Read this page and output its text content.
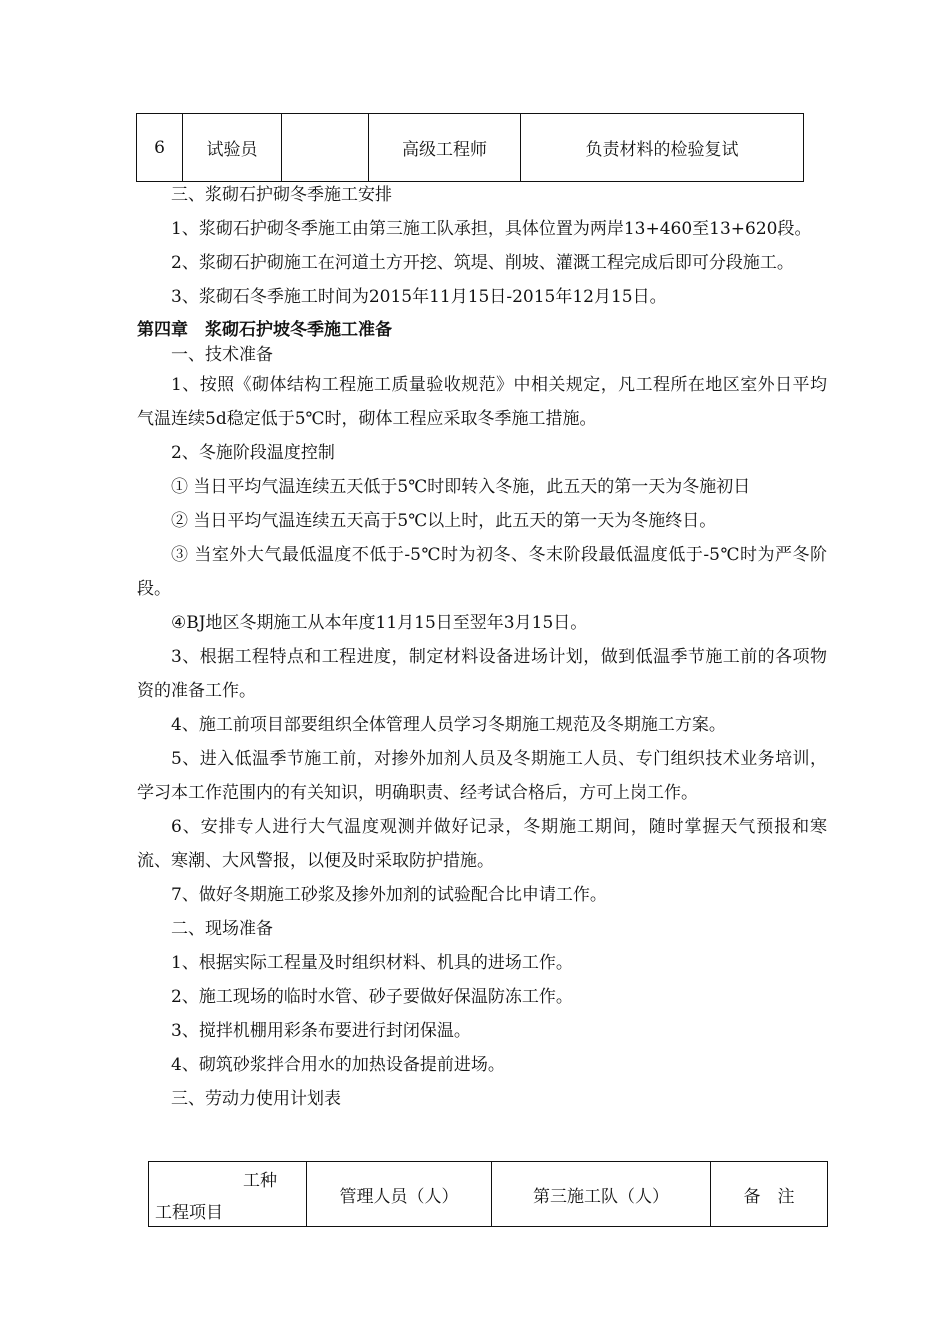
6	试验员		高级工程师	负责材料的检验复试

三、浆砌石护砌冬季施工安排

1、浆砌石护砌冬季施工由第三施工队承担，具体位置为两岸13+460至13+620段。

2、浆砌石护砌施工在河道土方开挖、筑堤、削坡、灌溉工程完成后即可分段施工。

3、浆砌石冬季施工时间为2015年11月15日-2015年12月15日。

第四章　浆砌石护坡冬季施工准备

一、技术准备

1、按照《砌体结构工程施工质量验收规范》中相关规定，凡工程所在地区室外日平均气温连续5d稳定低于5℃时，砌体工程应采取冬季施工措施。

2、冬施阶段温度控制

① 当日平均气温连续五天低于5℃时即转入冬施，此五天的第一天为冬施初日

② 当日平均气温连续五天高于5℃以上时，此五天的第一天为冬施终日。

③ 当室外大气最低温度不低于-5℃时为初冬、冬末阶段最低温度低于-5℃时为严冬阶段。

④BJ地区冬期施工从本年度11月15日至翌年3月15日。

3、根据工程特点和工程进度，制定材料设备进场计划，做到低温季节施工前的各项物资的准备工作。

4、施工前项目部要组织全体管理人员学习冬期施工规范及冬期施工方案。

5、进入低温季节施工前，对掺外加剂人员及冬期施工人员、专门组织技术业务培训，学习本工作范围内的有关知识，明确职责、经考试合格后，方可上岗工作。

6、安排专人进行大气温度观测并做好记录，冬期施工期间，随时掌握天气预报和寒流、寒潮、大风警报，以便及时采取防护措施。

7、做好冬期施工砂浆及掺外加剂的试验配合比申请工作。

二、现场准备

1、根据实际工程量及时组织材料、机具的进场工作。

2、施工现场的临时水管、砂子要做好保温防冻工作。

3、搅拌机棚用彩条布要进行封闭保温。

4、砌筑砂浆拌合用水的加热设备提前进场。

三、劳动力使用计划表

工种
工程项目
	管理人员（人）	第三施工队（人）	备　注
